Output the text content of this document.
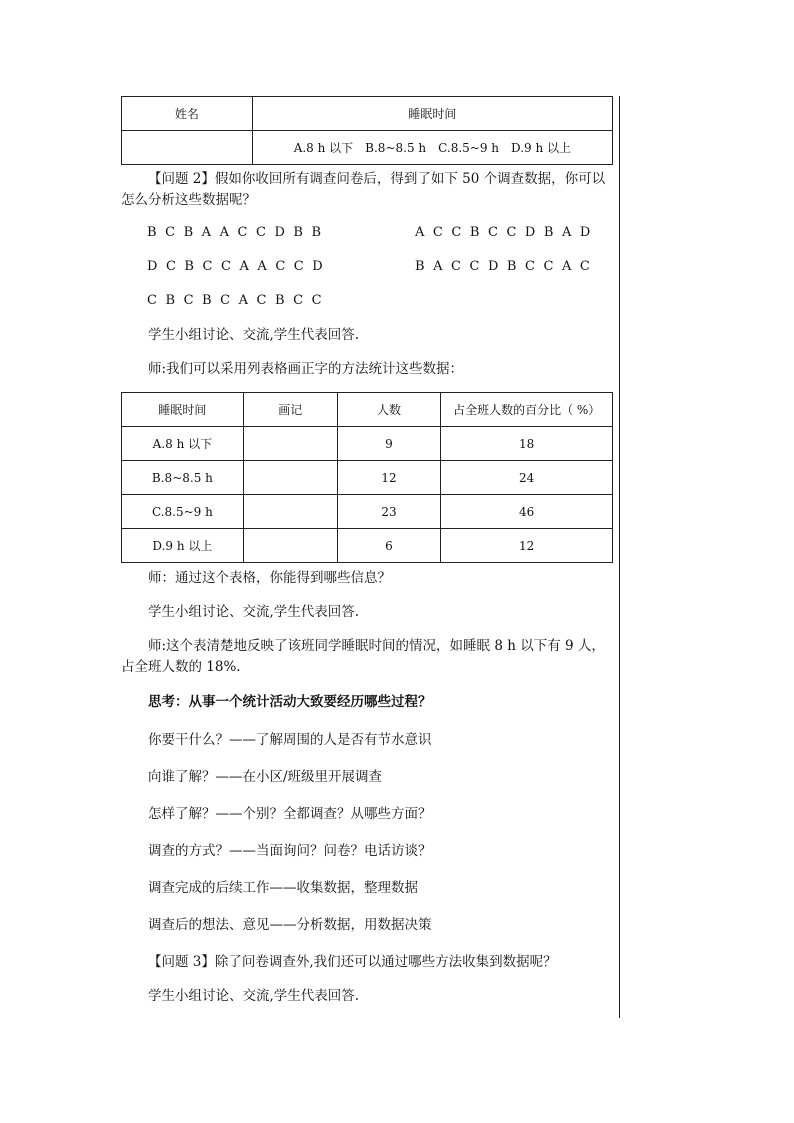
姓名	睡眠时间
	A.8 h 以下　B.8~8.5 h　C.8.5~9 h　D.9 h 以上
【问题 2】假如你收回所有调查问卷后，得到了如下 50 个调查数据，你可以怎么分析这些数据呢？
B C B A A C C D B B	A C C B C C D B A D
D C B C C A A C C D	B A C C D B C C A C
C B C B C A C B C C
学生小组讨论、交流,学生代表回答.
师:我们可以采用列表格画正字的方法统计这些数据：
睡眠时间	画记	人数	占全班人数的百分比（ %）
A.8 h 以下		9	18
B.8~8.5 h		12	24
C.8.5~9 h		23	46
D.9 h 以上		6	12
师：通过这个表格，你能得到哪些信息？
学生小组讨论、交流,学生代表回答.
师:这个表清楚地反映了该班同学睡眠时间的情况，如睡眠 8 h 以下有 9 人，占全班人数的 18%.
思考：从事一个统计活动大致要经历哪些过程？
你要干什么？——了解周围的人是否有节水意识
向谁了解？——在小区/班级里开展调查
怎样了解？——个别？全都调查？从哪些方面？
调查的方式？——当面询问？问卷？电话访谈？
调查完成的后续工作——收集数据，整理数据
调查后的想法、意见——分析数据，用数据决策
【问题 3】除了问卷调查外,我们还可以通过哪些方法收集到数据呢？
学生小组讨论、交流,学生代表回答.
